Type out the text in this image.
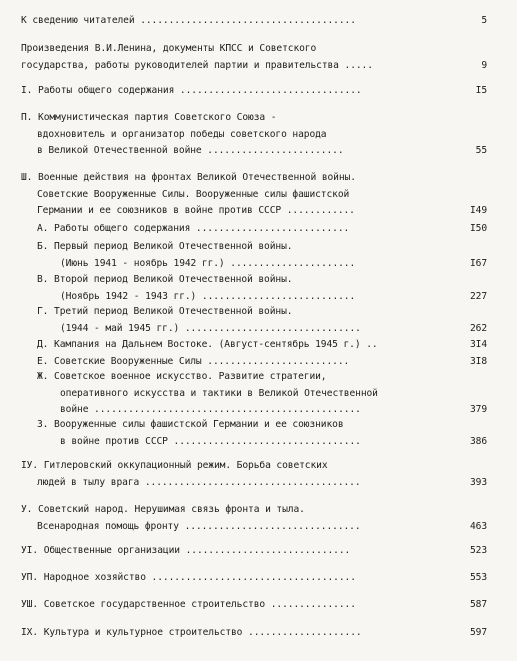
К сведению читателей ......................................	5
Произведения В.И.Ленина, документы КПСС и Советского
государства, работы руководителей партии и правительства .....	9
I. Работы общего содержания ................................	I5
П. Коммунистическая партия Советского Союза -
вдохновитель и организатор победы советского народа
в Великой Отечественной войне ........................	55
Ш. Военные действия на фронтах Великой Отечественной войны.
Советские Вооруженные Силы. Вооруженные силы фашистской
Германии и ее союзников в войне против СССР ............	I49
А. Работы общего содержания ...........................	I50
Б. Первый период Великой Отечественной войны.
(Июнь 1941 - ноябрь 1942 гг.) ......................	I67
В. Второй период Великой Отечественной войны.
(Ноябрь 1942 - 1943 гг.) ...........................	227
Г. Третий период Великой Отечественной войны.
(1944 - май 1945 гг.) ...............................	262
Д. Кампания на Дальнем Востоке. (Август-сентябрь 1945 г.) ..	3I4
Е. Советские Вооруженные Силы .........................	3I8
Ж. Советское военное искусство. Развитие стратегии,
оперативного искусства и тактики в Великой Отечественной
войне ...............................................	379
З. Вооруженные силы фашистской Германии и ее союзников
в войне против СССР .................................	386
IУ. Гитлеровский оккупационный режим. Борьба советских
людей в тылу врага ......................................	393
У. Советский народ. Нерушимая связь фронта и тыла.
Всенародная помощь фронту ...............................	463
УI. Общественные организации .............................	523
УП. Народное хозяйство ....................................	553
УШ. Советское государственное строительство ...............	587
IX. Культура и культурное строительство ....................	597
